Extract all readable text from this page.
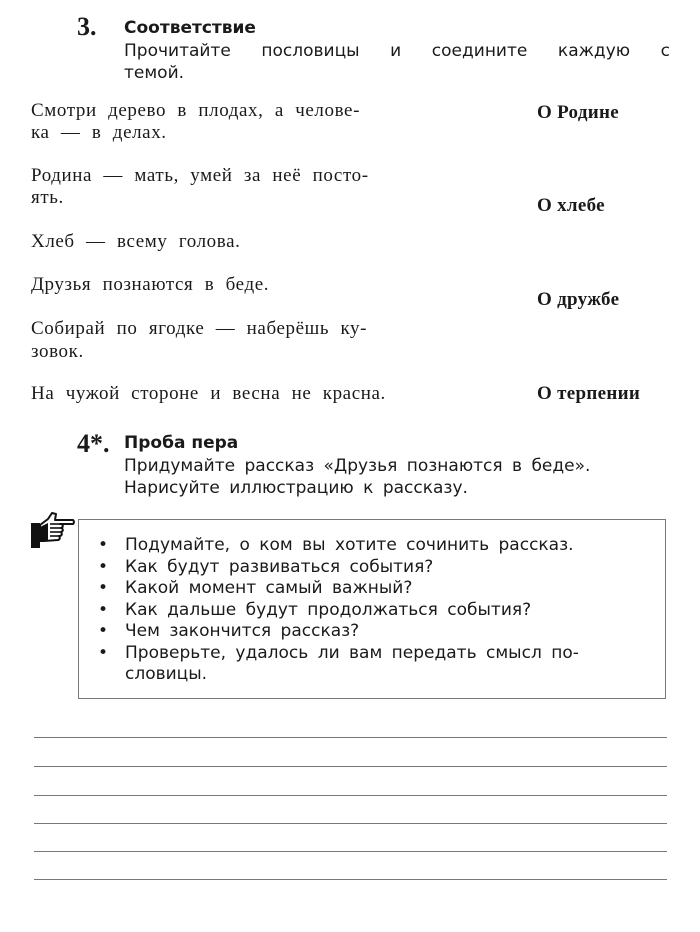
3. Соответствие
Прочитайте пословицы и соедините каждую с
темой.
Смотри дерево в плодах, а челове-
ка — в делах.
Родина — мать, умей за неё посто-
ять.
Хлеб — всему голова.
Друзья познаются в беде.
Собирай по ягодке — наберёшь ку-
зовок.
На чужой стороне и весна не красна.
О Родине
О хлебе
О дружбе
О терпении
4*. Проба пера
Придумайте рассказ «Друзья познаются в беде».
Нарисуйте иллюстрацию к рассказу.
• Подумайте, о ком вы хотите сочинить рассказ.
• Как будут развиваться события?
• Какой момент самый важный?
• Как дальше будут продолжаться события?
• Чем закончится рассказ?
• Проверьте, удалось ли вам передать смысл по-
словицы.
